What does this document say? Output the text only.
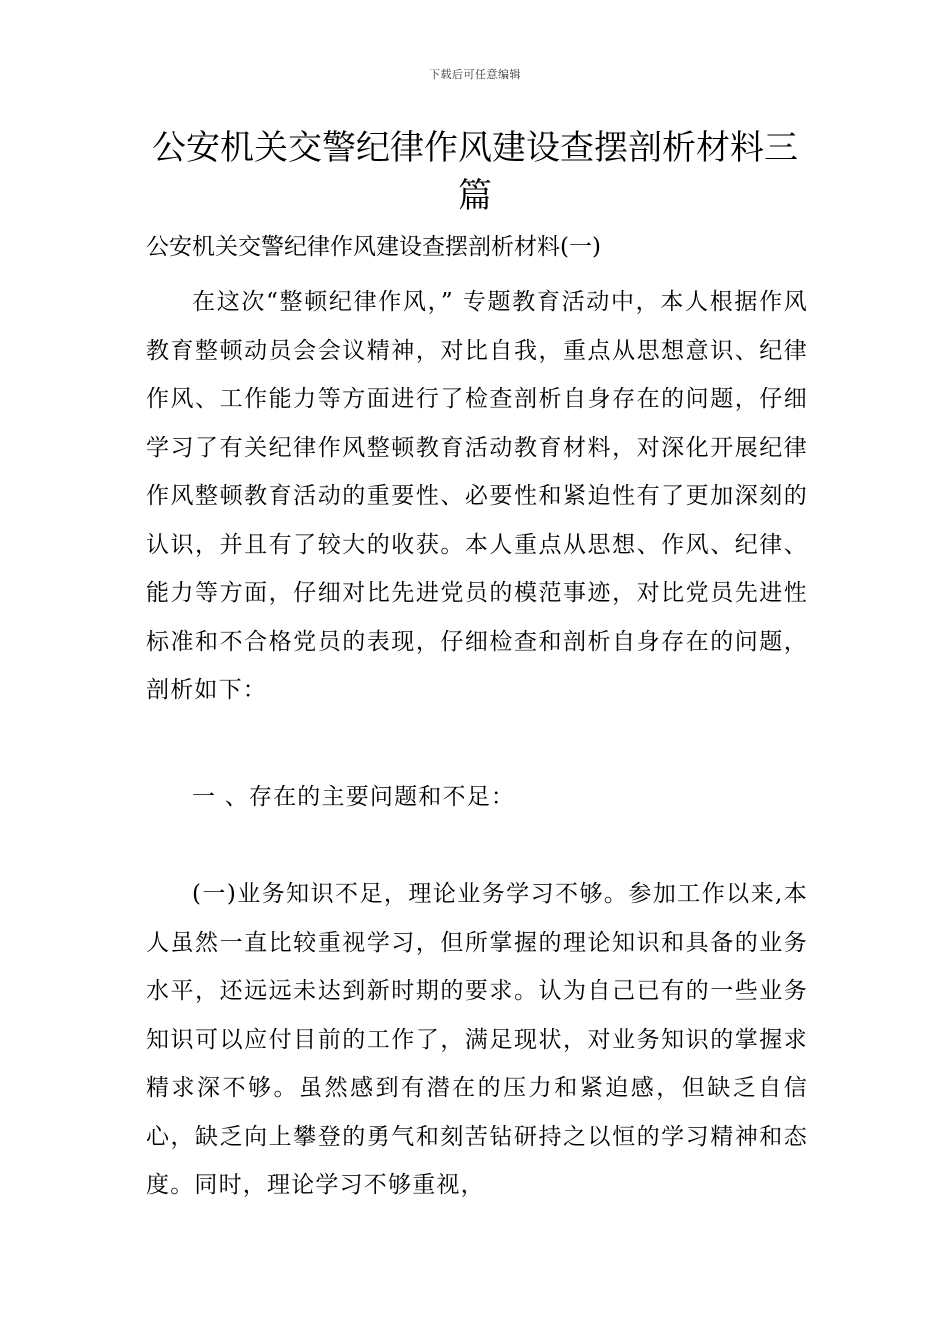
下载后可任意编辑
公安机关交警纪律作风建设查摆剖析材料三篇

公安机关交警纪律作风建设查摆剖析材料(一)

在这次“整顿纪律作风，” 专题教育活动中，本人根据作风教育整顿动员会会议精神，对比自我，重点从思想意识、纪律作风、工作能力等方面进行了检查剖析自身存在的问题，仔细学习了有关纪律作风整顿教育活动教育材料，对深化开展纪律作风整顿教育活动的重要性、必要性和紧迫性有了更加深刻的认识，并且有了较大的收获。本人重点从思想、作风、纪律、能力等方面，仔细对比先进党员的模范事迹，对比党员先进性标准和不合格党员的表现，仔细检查和剖析自身存在的问题，剖析如下：

一 、存在的主要问题和不足：

(一)业务知识不足，理论业务学习不够。参加工作以来,本人虽然一直比较重视学习，但所掌握的理论知识和具备的业务水平，还远远未达到新时期的要求。认为自己已有的一些业务知识可以应付目前的工作了，满足现状，对业务知识的掌握求精求深不够。虽然感到有潜在的压力和紧迫感，但缺乏自信心，缺乏向上攀登的勇气和刻苦钻研持之以恒的学习精神和态度。同时，理论学习不够重视，
